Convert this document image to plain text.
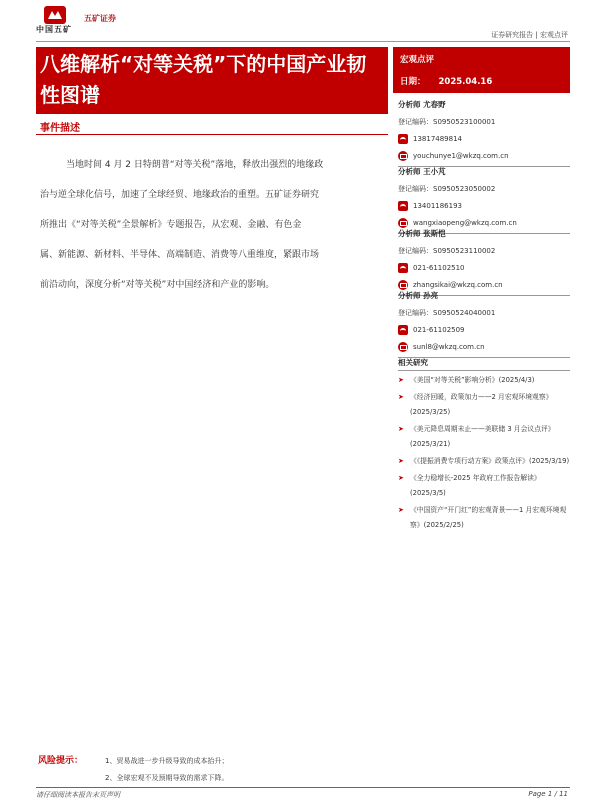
中国五矿
五矿证券
证券研究报告 | 宏观点评
八维解析“对等关税”下的中国产业韧
性图谱
宏观点评
日期： 2025.04.16
事件描述
当地时间 4 月 2 日特朗普“对等关税”落地，释放出强烈的地缘政
治与逆全球化信号，加速了全球经贸、地缘政治的重塑。五矿证券研究
所推出《“对等关税”全景解析》专题报告，从宏观、金融、有色金
属、新能源、新材料、半导体、高端制造、消费等八重维度，紧跟市场
前沿动向，深度分析“对等关税”对中国经济和产业的影响。
分析师 尤春野
登记编码：S0950523100001
13817489814
youchunye1@wkzq.com.cn
分析师 王小芃
登记编码：S0950523050002
13401186193
wangxiaopeng@wkzq.com.cn
分析师 张斯恺
登记编码：S0950523110002
021-61102510
zhangsikai@wkzq.com.cn
分析师 孙亮
登记编码：S0950524040001
021-61102509
sunl8@wkzq.com.cn
相关研究
➤ 《美国“对等关税”影响分析》(2025/4/3)
➤ 《经济回暖，政策加力——2 月宏观环境观察》(2025/3/25)
➤ 《美元降息周期未止——美联储 3 月会议点评》(2025/3/21)
➤ 《《提振消费专项行动方案》政策点评》(2025/3/19)
➤ 《全力稳增长-2025 年政府工作报告解读》(2025/3/5)
➤ 《中国资产“开门红”的宏观背景——1 月宏观环境观察》(2025/2/25)
风险提示：	1、贸易战进一步升级导致的成本抬升；
2、全球宏观不及预期导致的需求下降。
请仔细阅读本报告末页声明	Page 1 / 11
